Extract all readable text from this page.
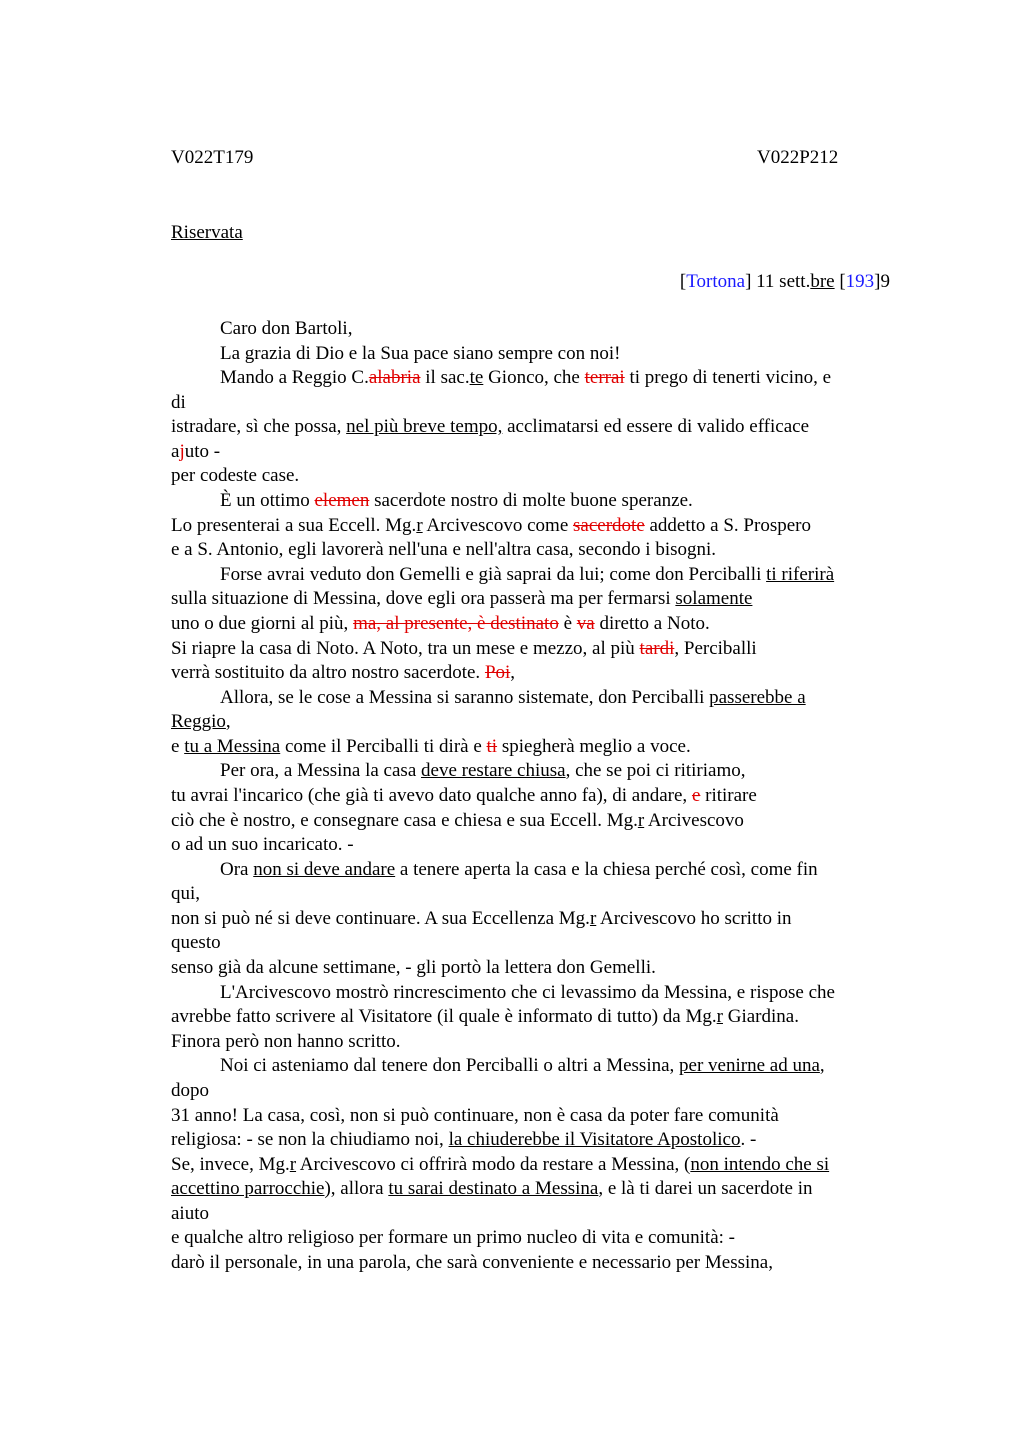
V022T179	V022P212
Riservata
[Tortona] 11 sett.bre [193]9
Caro don Bartoli,
La grazia di Dio e la Sua pace siano sempre con noi!
Mando a Reggio C.alabria il sac.te Gionco, che terrai ti prego di tenerti vicino, e
di
istradare, sì che possa, nel più breve tempo, acclimatarsi ed essere di valido efficace
ajuto -
per codeste case.
È un ottimo elemen sacerdote nostro di molte buone speranze.
Lo presenterai a sua Eccell. Mg.r Arcivescovo come sacerdote addetto a S. Prospero
e a S. Antonio, egli lavorerà nell'una e nell'altra casa, secondo i bisogni.
Forse avrai veduto don Gemelli e già saprai da lui; come don Perciballi ti riferirà
sulla situazione di Messina, dove egli ora passerà ma per fermarsi solamente
uno o due giorni al più, ma, al presente, è destinato è va diretto a Noto.
Si riapre la casa di Noto. A Noto, tra un mese e mezzo, al più tardi, Perciballi
verrà sostituito da altro nostro sacerdote. Poi,
Allora, se le cose a Messina si saranno sistemate, don Perciballi passerebbe a
Reggio,
e tu a Messina come il Perciballi ti dirà e ti spiegherà meglio a voce.
Per ora, a Messina la casa deve restare chiusa, che se poi ci ritiriamo,
tu avrai l'incarico (che già ti avevo dato qualche anno fa), di andare, e ritirare
ciò che è nostro, e consegnare casa e chiesa e sua Eccell. Mg.r Arcivescovo
o ad un suo incaricato. -
Ora non si deve andare a tenere aperta la casa e la chiesa perché così, come fin
qui,
non si può né si deve continuare. A sua Eccellenza Mg.r Arcivescovo ho scritto in
questo
senso già da alcune settimane, - gli portò la lettera don Gemelli.
L'Arcivescovo mostrò rincrescimento che ci levassimo da Messina, e rispose che
avrebbe fatto scrivere al Visitatore (il quale è informato di tutto) da Mg.r Giardina.
Finora però non hanno scritto.
Noi ci asteniamo dal tenere don Perciballi o altri a Messina, per venirne ad una,
dopo
31 anno! La casa, così, non si può continuare, non è casa da poter fare comunità
religiosa: - se non la chiudiamo noi, la chiuderebbe il Visitatore Apostolico. -
Se, invece, Mg.r Arcivescovo ci offrirà modo da restare a Messina, (non intendo che si
accettino parrocchie), allora tu sarai destinato a Messina, e là ti darei un sacerdote in
aiuto
e qualche altro religioso per formare un primo nucleo di vita e comunità: -
darò il personale, in una parola, che sarà conveniente e necessario per Messina,
